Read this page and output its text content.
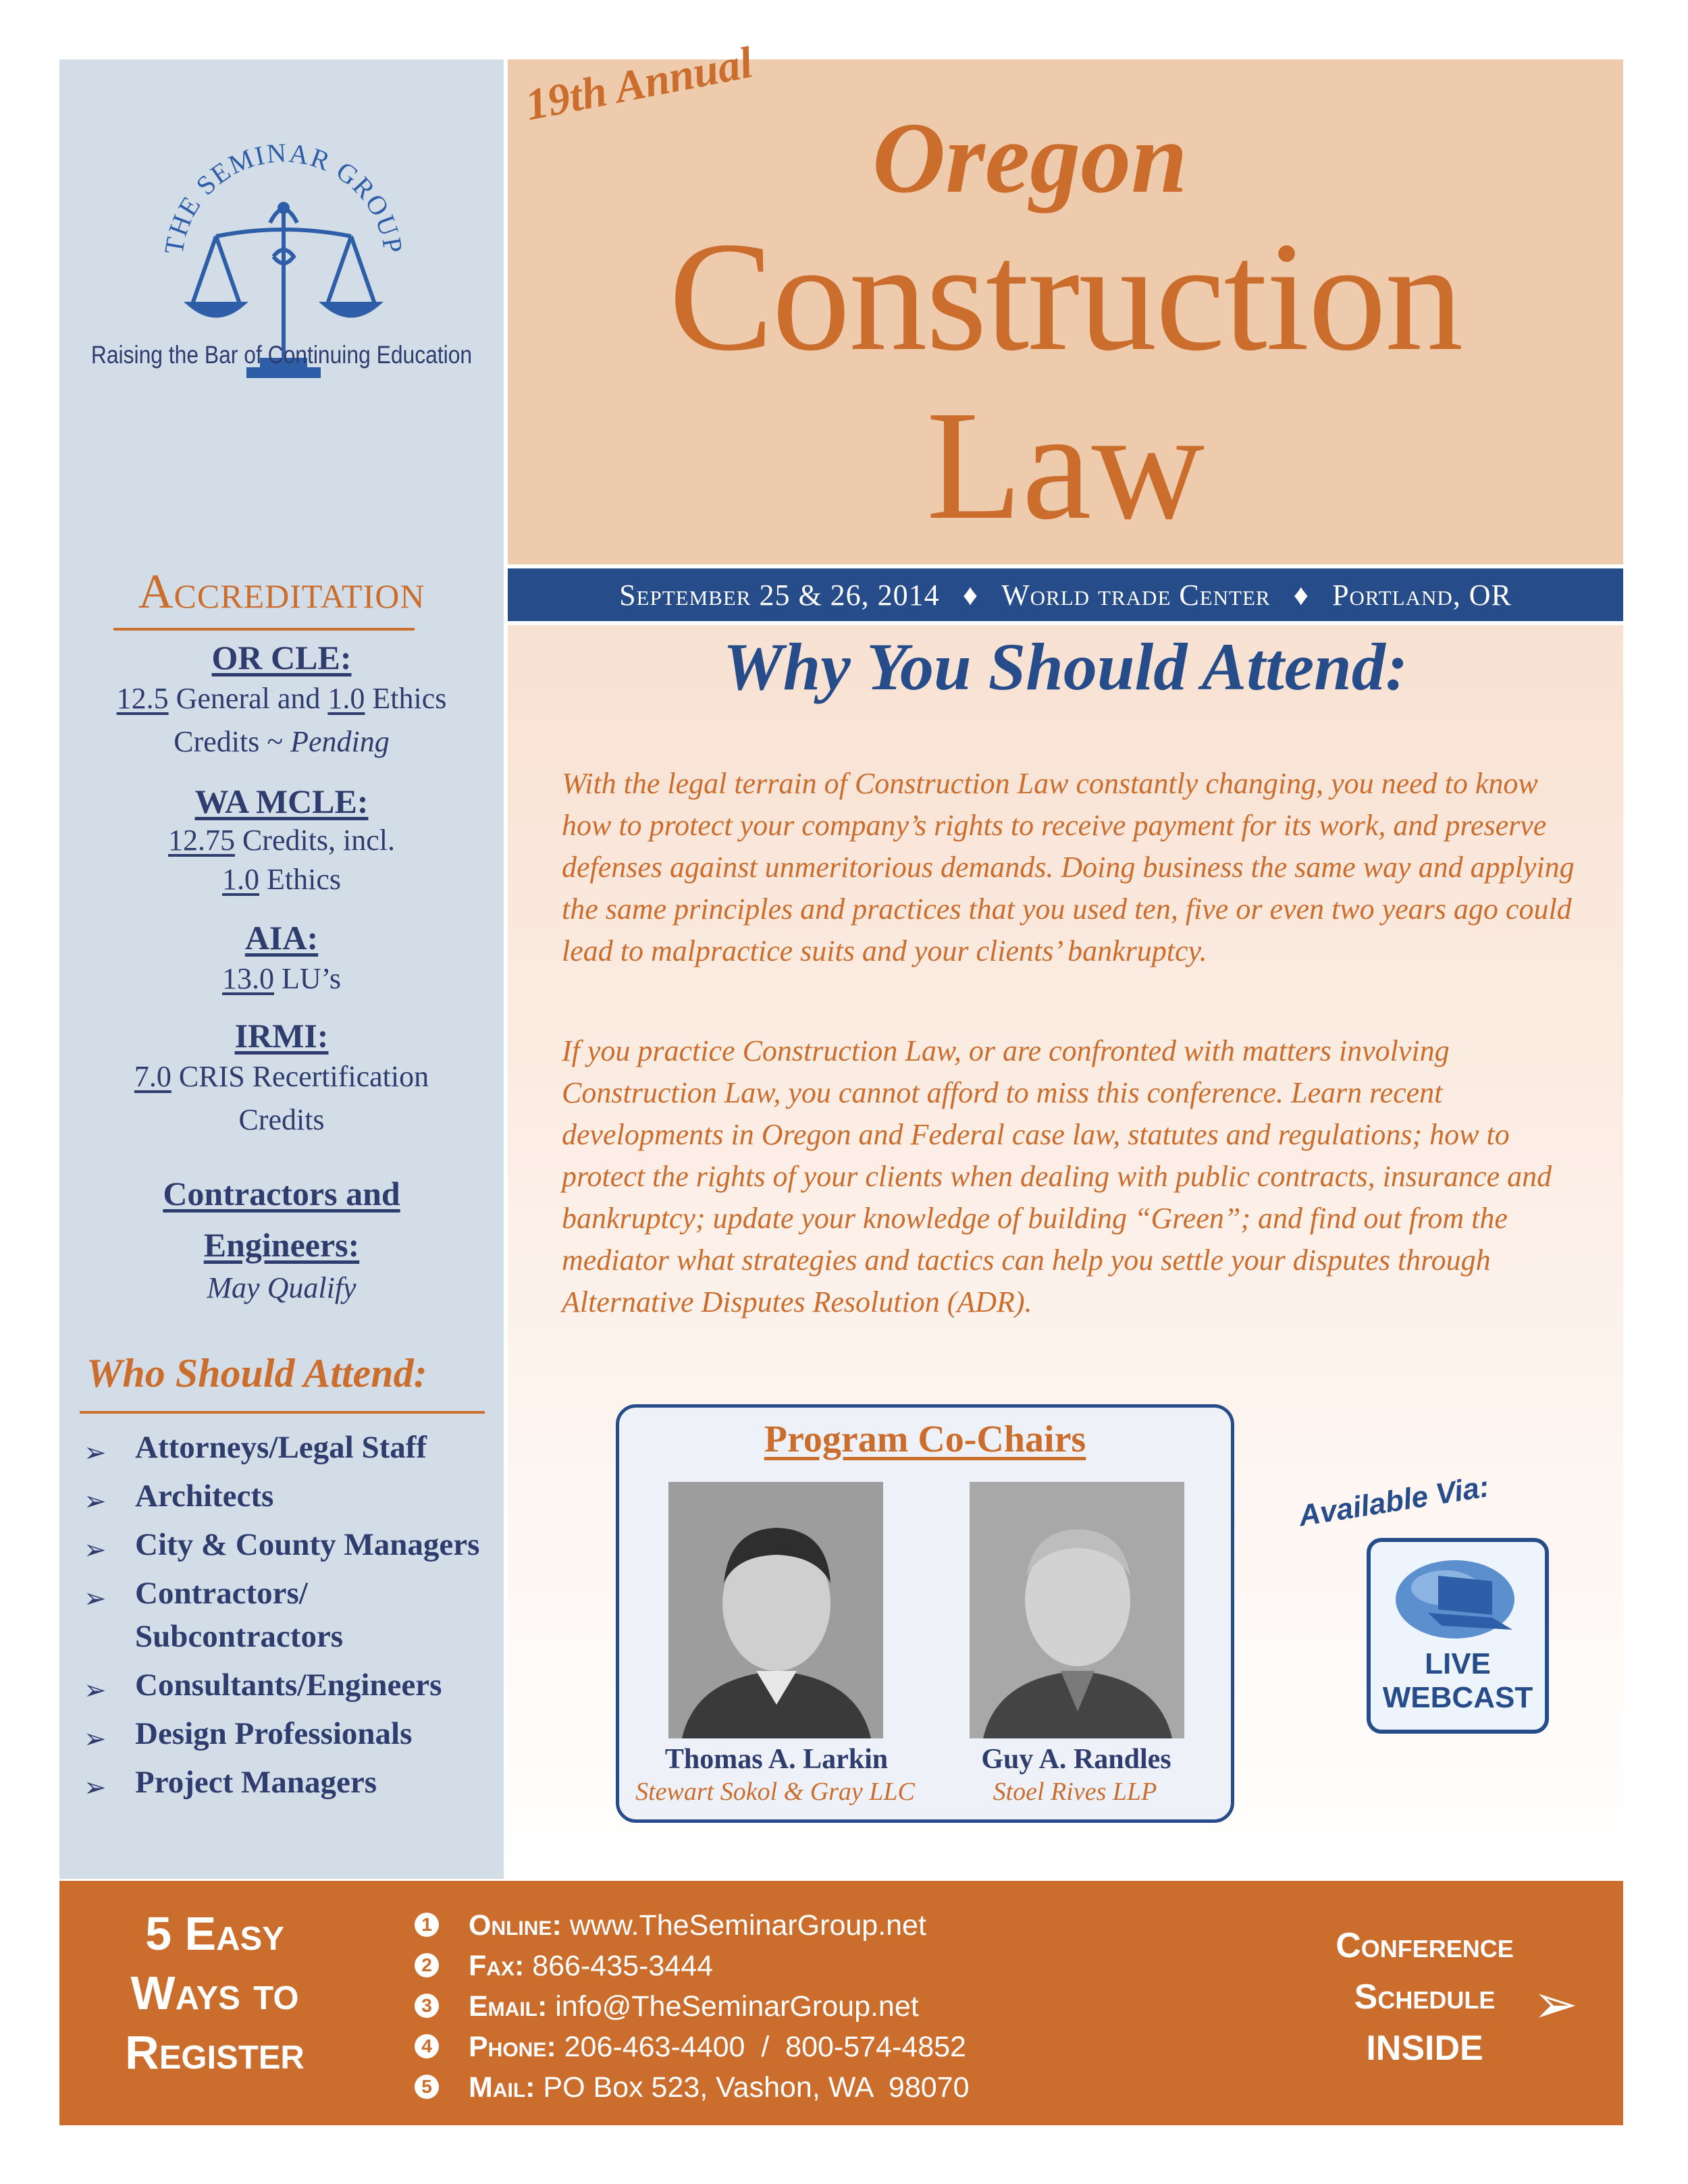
THE SEMINAR GROUP
Raising the Bar of Continuing Education
Accreditation
OR CLE:
12.5 General and 1.0 Ethics
Credits ~ Pending
WA MCLE:
12.75 Credits, incl.
1.0 Ethics
AIA:
13.0 LU’s
IRMI:
7.0 CRIS Recertification
Credits
Contractors and
Engineers:
May Qualify
Who Should Attend:
➢ Attorneys/Legal Staff
➢ Architects
➢ City & County Managers
➢ Contractors/
Subcontractors
➢ Consultants/Engineers
➢ Design Professionals
➢ Project Managers
19th Annual
Oregon
Construction
Law
September 25 & 26, 2014 ♦ World trade Center ♦ Portland, OR
Why You Should Attend:
With the legal terrain of Construction Law constantly changing, you need to know how to protect your company’s rights to receive payment for its work, and preserve defenses against unmeritorious demands. Doing business the same way and applying the same principles and practices that you used ten, five or even two years ago could lead to malpractice suits and your clients’ bankruptcy.
If you practice Construction Law, or are confronted with matters involving Construction Law, you cannot afford to miss this conference. Learn recent developments in Oregon and Federal case law, statutes and regulations; how to protect the rights of your clients when dealing with public contracts, insurance and bankruptcy; update your knowledge of building “Green”; and find out from the mediator what strategies and tactics can help you settle your disputes through Alternative Disputes Resolution (ADR).
Program Co-Chairs
Thomas A. Larkin
Stewart Sokol & Gray LLC
Guy A. Randles
Stoel Rives LLP
Available Via:
LIVE
WEBCAST
5 Easy
Ways to
Register
1 Online: www.TheSeminarGroup.net
2 Fax: 866-435-3444
3 Email: info@TheSeminarGroup.net
4 Phone: 206-463-4400  /  800-574-4852
5 Mail: PO Box 523, Vashon, WA  98070
Conference
Schedule
INSIDE
➢
